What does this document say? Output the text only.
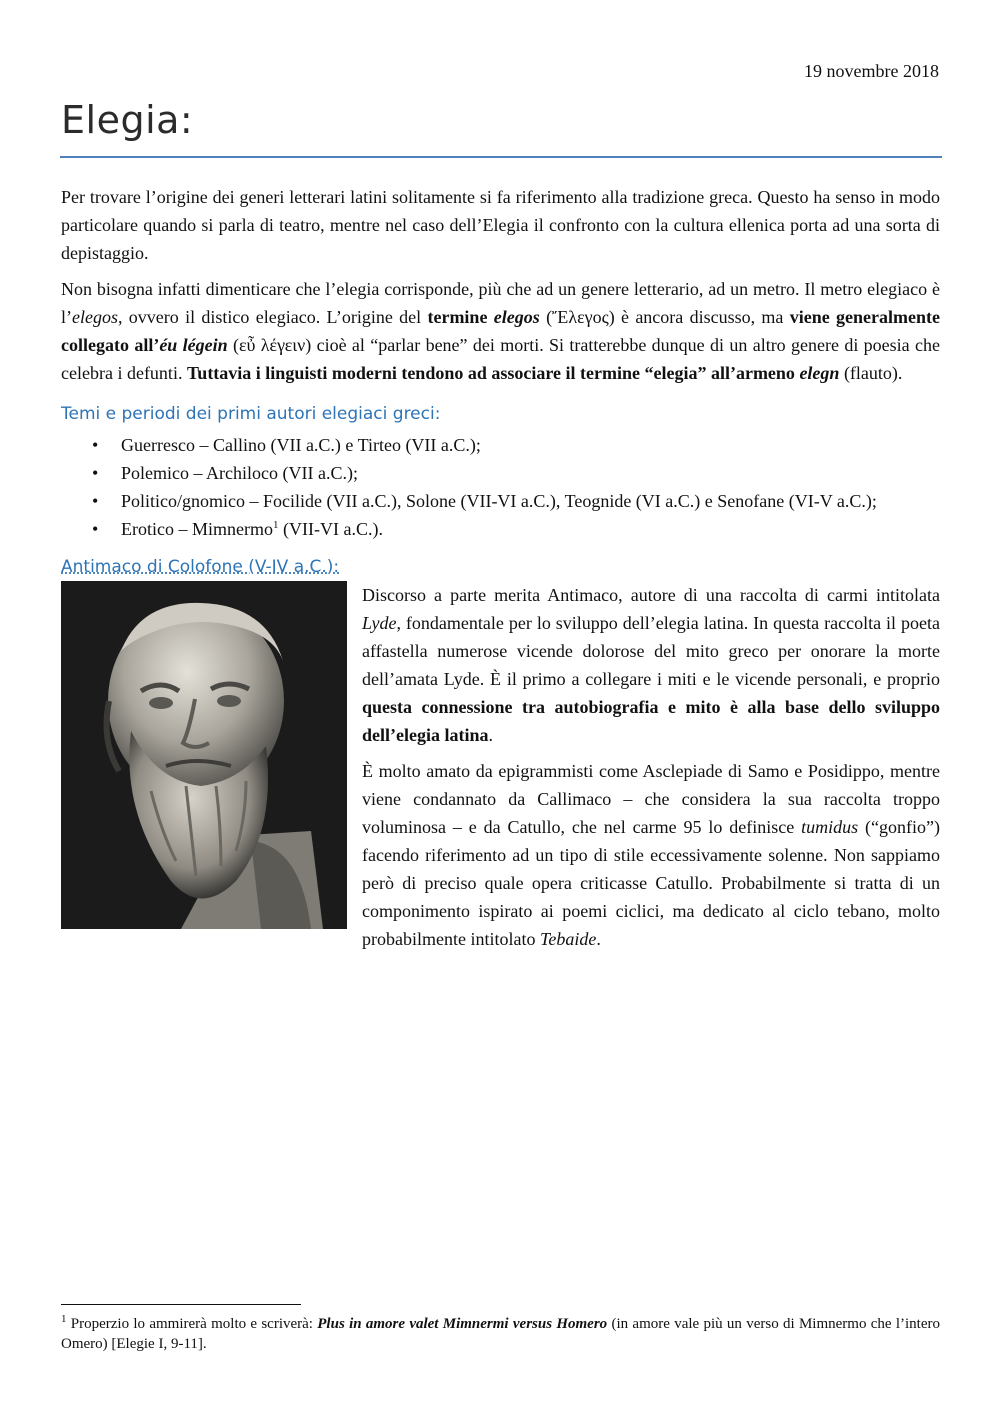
19 novembre 2018
Elegia:

Per trovare l’origine dei generi letterari latini solitamente si fa riferimento alla tradizione greca. Questo ha senso in modo particolare quando si parla di teatro, mentre nel caso dell’Elegia il confronto con la cultura ellenica porta ad una sorta di depistaggio.

Non bisogna infatti dimenticare che l’elegia corrisponde, più che ad un genere letterario, ad un metro. Il metro elegiaco è l’elegos, ovvero il distico elegiaco. L’origine del termine elegos (Ἔλεγος) è ancora discusso, ma viene generalmente collegato all’éu légein (εὖ λέγειν) cioè al “parlar bene” dei morti. Si tratterebbe dunque di un altro genere di poesia che celebra i defunti. Tuttavia i linguisti moderni tendono ad associare il termine “elegia” all’armeno elegn (flauto).

Temi e periodi dei primi autori elegiaci greci:
• Guerresco – Callino (VII a.C.) e Tirteo (VII a.C.);
• Polemico – Archiloco (VII a.C.);
• Politico/gnomico – Focilide (VII a.C.), Solone (VII-VI a.C.), Teognide (VI a.C.) e Senofane (VI-V a.C.);
• Erotico – Mimnermo$^1$ (VII-VI a.C.).
Antimaco di Colofone (V-IV a.C.):

Discorso a parte merita Antimaco, autore di una raccolta di carmi intitolata Lyde, fondamentale per lo sviluppo dell’elegia latina. In questa raccolta il poeta affastella numerose vicende dolorose del mito greco per onorare la morte dell’amata Lyde. È il primo a collegare i miti e le vicende personali, e proprio questa connessione tra autobiografia e mito è alla base dello sviluppo dell’elegia latina.

È molto amato da epigrammisti come Asclepiade di Samo e Posidippo, mentre viene condannato da Callimaco – che considera la sua raccolta troppo voluminosa – e da Catullo, che nel carme 95 lo definisce tumidus (“gonfio”) facendo riferimento ad un tipo di stile eccessivamente solenne. Non sappiamo però di preciso quale opera criticasse Catullo. Probabilmente si tratta di un componimento ispirato ai poemi ciclici, ma dedicato al ciclo tebano, molto probabilmente intitolato Tebaide.

$^1$ Properzio lo ammirerà molto e scriverà: Plus in amore valet Mimnermi versus Homero (in amore vale più un verso di Mimnermo che l’intero Omero) [Elegie I, 9-11].
